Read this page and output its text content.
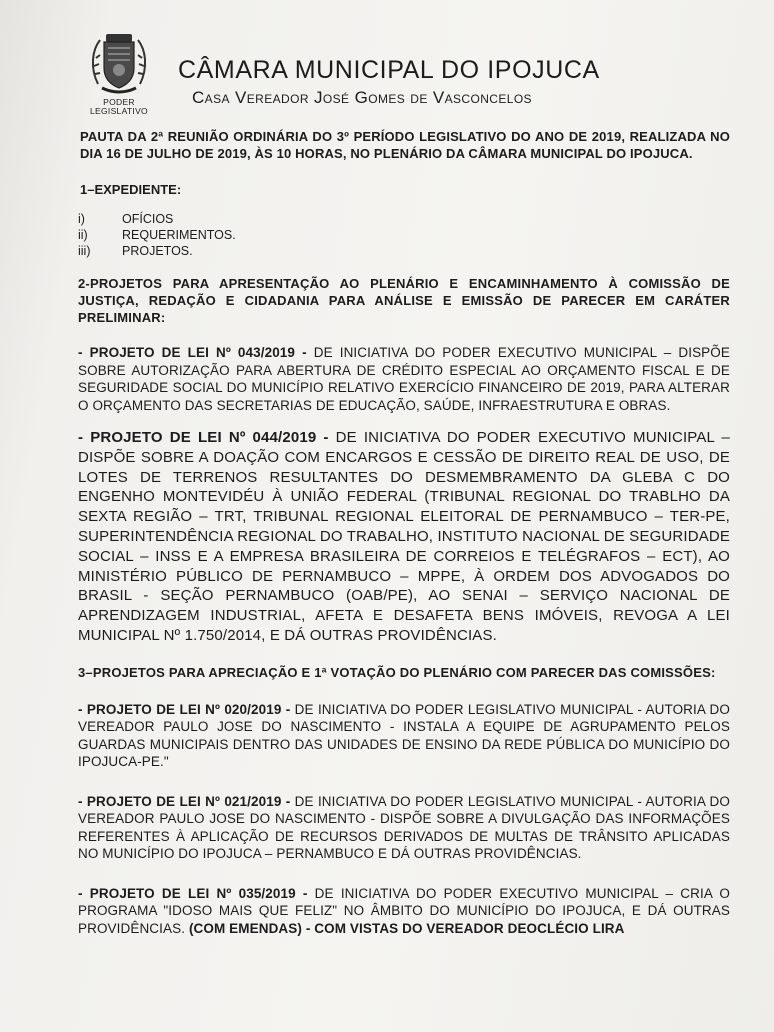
PODER
LEGISLATIVO
CÂMARA MUNICIPAL DO IPOJUCA
Casa Vereador José Gomes de Vasconcelos

PAUTA DA 2ª REUNIÃO ORDINÁRIA DO 3º PERÍODO LEGISLATIVO DO ANO DE 2019, REALIZADA NO DIA 16 DE JULHO DE 2019, ÀS 10 HORAS, NO PLENÁRIO DA CÂMARA MUNICIPAL DO IPOJUCA.

1–EXPEDIENTE:

i)	OFÍCIOS
ii)	REQUERIMENTOS.
iii)	PROJETOS.

2-PROJETOS PARA APRESENTAÇÃO AO PLENÁRIO E ENCAMINHAMENTO À COMISSÃO DE JUSTIÇA, REDAÇÃO E CIDADANIA PARA ANÁLISE E EMISSÃO DE PARECER EM CARÁTER PRELIMINAR:

- PROJETO DE LEI Nº 043/2019 - DE INICIATIVA DO PODER EXECUTIVO MUNICIPAL – DISPÕE SOBRE AUTORIZAÇÃO PARA ABERTURA DE CRÉDITO ESPECIAL AO ORÇAMENTO FISCAL E DE SEGURIDADE SOCIAL DO MUNICÍPIO RELATIVO EXERCÍCIO FINANCEIRO DE 2019, PARA ALTERAR O ORÇAMENTO DAS SECRETARIAS DE EDUCAÇÃO, SAÚDE, INFRAESTRUTURA E OBRAS.

- PROJETO DE LEI Nº 044/2019 - DE INICIATIVA DO PODER EXECUTIVO MUNICIPAL – DISPÕE SOBRE A DOAÇÃO COM ENCARGOS E CESSÃO DE DIREITO REAL DE USO, DE LOTES DE TERRENOS RESULTANTES DO DESMEMBRAMENTO DA GLEBA C DO ENGENHO MONTEVIDÉU À UNIÃO FEDERAL (TRIBUNAL REGIONAL DO TRABLHO DA SEXTA REGIÃO – TRT, TRIBUNAL REGIONAL ELEITORAL DE PERNAMBUCO – TER-PE, SUPERINTENDÊNCIA REGIONAL DO TRABALHO, INSTITUTO NACIONAL DE SEGURIDADE SOCIAL – INSS E A EMPRESA BRASILEIRA DE CORREIOS E TELÉGRAFOS – ECT), AO MINISTÉRIO PÚBLICO DE PERNAMBUCO – MPPE, À ORDEM DOS ADVOGADOS DO BRASIL - SEÇÃO PERNAMBUCO (OAB/PE), AO SENAI – SERVIÇO NACIONAL DE APRENDIZAGEM INDUSTRIAL, AFETA E DESAFETA BENS IMÓVEIS, REVOGA A LEI MUNICIPAL Nº 1.750/2014, E DÁ OUTRAS PROVIDÊNCIAS.

3–PROJETOS PARA APRECIAÇÃO E 1ª VOTAÇÃO DO PLENÁRIO COM PARECER DAS COMISSÕES:

- PROJETO DE LEI Nº 020/2019 - DE INICIATIVA DO PODER LEGISLATIVO MUNICIPAL - AUTORIA DO VEREADOR PAULO JOSE DO NASCIMENTO - INSTALA A EQUIPE DE AGRUPAMENTO PELOS GUARDAS MUNICIPAIS DENTRO DAS UNIDADES DE ENSINO DA REDE PÚBLICA DO MUNICÍPIO DO IPOJUCA-PE."

- PROJETO DE LEI Nº 021/2019 - DE INICIATIVA DO PODER LEGISLATIVO MUNICIPAL - AUTORIA DO VEREADOR PAULO JOSE DO NASCIMENTO - DISPÕE SOBRE A DIVULGAÇÃO DAS INFORMAÇÕES REFERENTES À APLICAÇÃO DE RECURSOS DERIVADOS DE MULTAS DE TRÂNSITO APLICADAS NO MUNICÍPIO DO IPOJUCA – PERNAMBUCO E DÁ OUTRAS PROVIDÊNCIAS.

- PROJETO DE LEI Nº 035/2019 - DE INICIATIVA DO PODER EXECUTIVO MUNICIPAL – CRIA O PROGRAMA "IDOSO MAIS QUE FELIZ" NO ÂMBITO DO MUNICÍPIO DO IPOJUCA, E DÁ OUTRAS PROVIDÊNCIAS. (COM EMENDAS) - COM VISTAS DO VEREADOR DEOCLÉCIO LIRA
